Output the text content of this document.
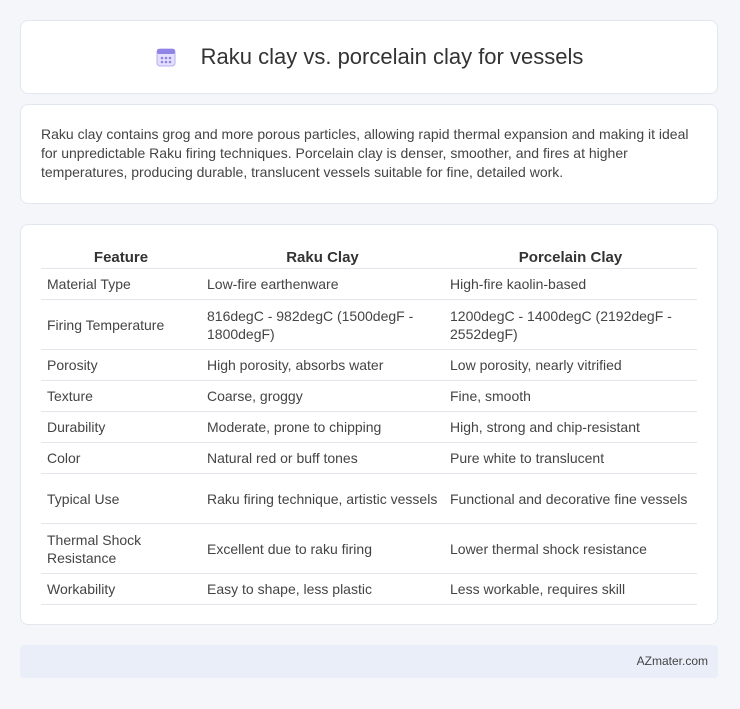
Raku clay vs. porcelain clay for vessels

Raku clay contains grog and more porous particles, allowing rapid thermal expansion and making it ideal for unpredictable Raku firing techniques. Porcelain clay is denser, smoother, and fires at higher temperatures, producing durable, translucent vessels suitable for fine, detailed work.

Feature	Raku Clay	Porcelain Clay
Material Type	Low-fire earthenware	High-fire kaolin-based
Firing Temperature	816degC - 982degC (1500degF - 1800degF)	1200degC - 1400degC (2192degF - 2552degF)
Porosity	High porosity, absorbs water	Low porosity, nearly vitrified
Texture	Coarse, groggy	Fine, smooth
Durability	Moderate, prone to chipping	High, strong and chip-resistant
Color	Natural red or buff tones	Pure white to translucent
Typical Use	Raku firing technique, artistic vessels	Functional and decorative fine vessels
Thermal Shock Resistance	Excellent due to raku firing	Lower thermal shock resistance
Workability	Easy to shape, less plastic	Less workable, requires skill
AZmater.com
